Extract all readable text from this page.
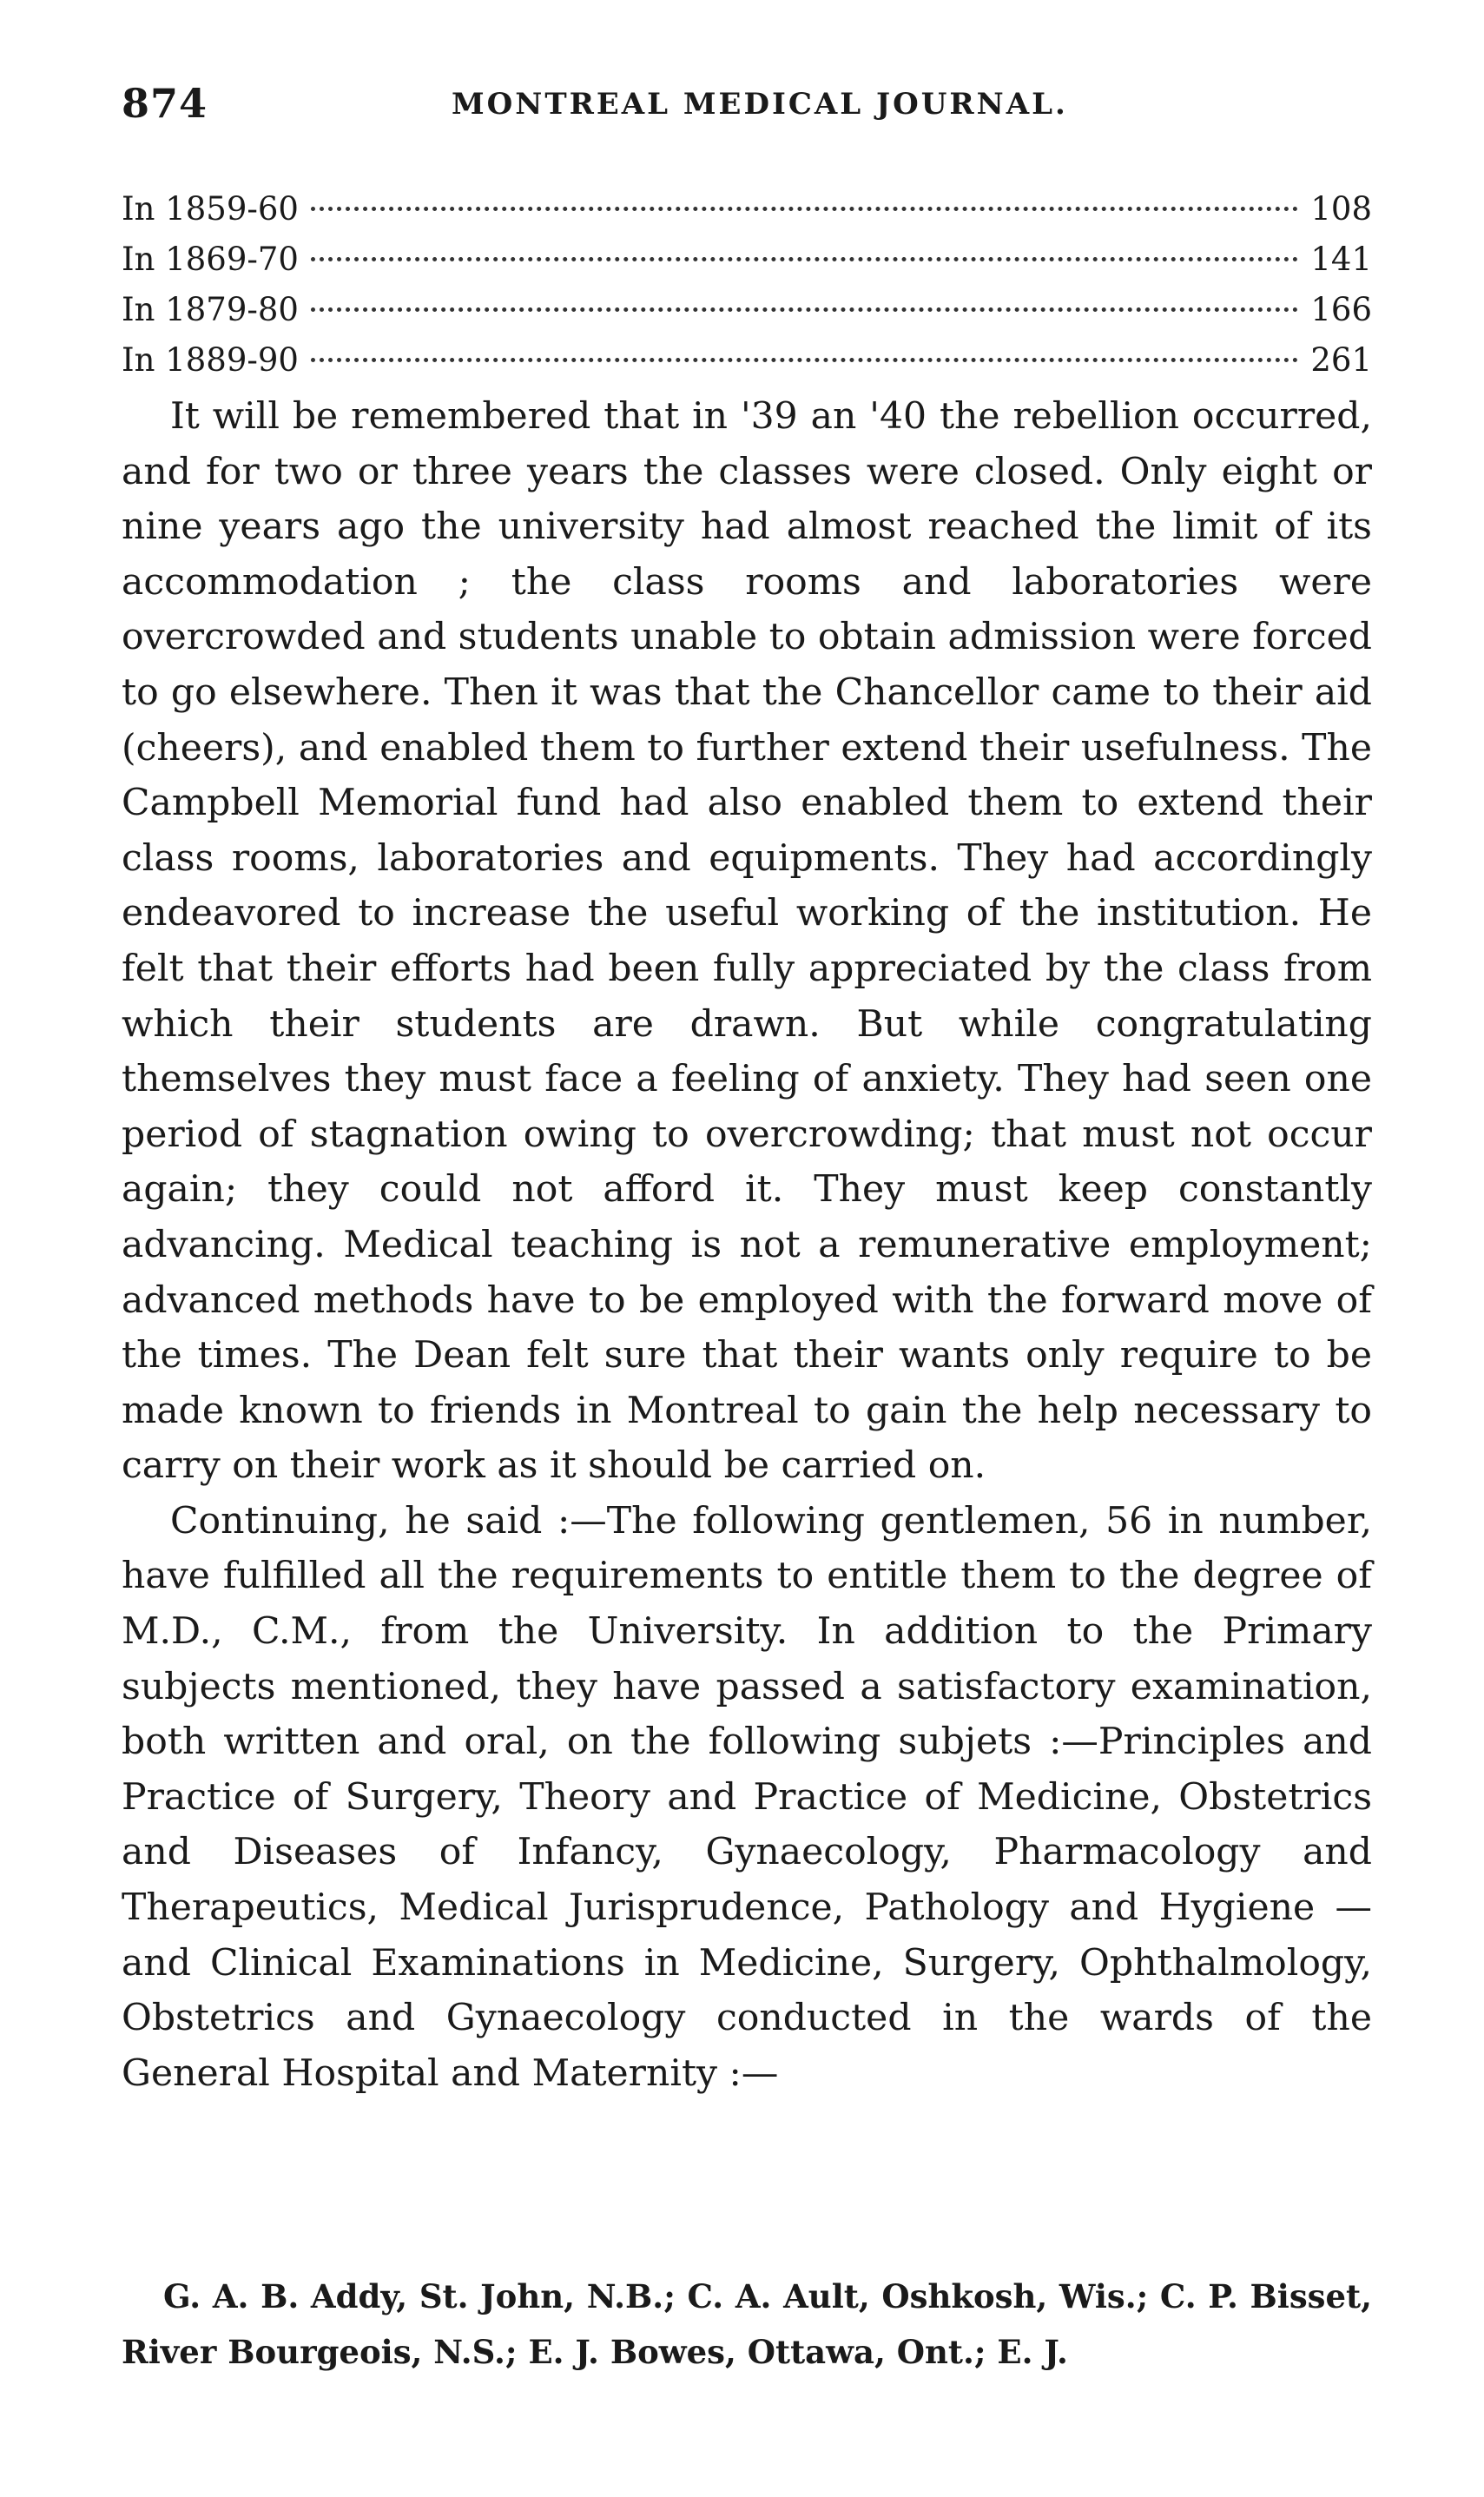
874	MONTREAL MEDICAL JOURNAL.
In 1859-60	108
In 1869-70	141
In 1879-80	166
In 1889-90	261

It will be remembered that in '39 an '40 the rebellion occurred, and for two or three years the classes were closed. Only eight or nine years ago the university had almost reached the limit of its accommodation ; the class rooms and laboratories were overcrowded and students unable to obtain admission were forced to go elsewhere. Then it was that the Chancellor came to their aid (cheers), and enabled them to further extend their usefulness. The Campbell Memorial fund had also enabled them to extend their class rooms, laboratories and equipments. They had accordingly endeavored to increase the useful working of the institution. He felt that their efforts had been fully appreciated by the class from which their students are drawn. But while congratulating themselves they must face a feeling of anxiety. They had seen one period of stagnation owing to overcrowding; that must not occur again; they could not afford it. They must keep constantly advancing. Medical teaching is not a remunerative employment; advanced methods have to be employed with the forward move of the times. The Dean felt sure that their wants only require to be made known to friends in Montreal to gain the help necessary to carry on their work as it should be carried on.

Continuing, he said :—The following gentlemen, 56 in number, have fulfilled all the requirements to entitle them to the degree of M.D., C.M., from the University. In addition to the Primary subjects mentioned, they have passed a satisfactory examination, both written and oral, on the following subjets :—Principles and Practice of Surgery, Theory and Practice of Medicine, Obstetrics and Diseases of Infancy, Gynaecology, Pharmacology and Therapeutics, Medical Jurisprudence, Pathology and Hygiene —and Clinical Examinations in Medicine, Surgery, Ophthalmology, Obstetrics and Gynaecology conducted in the wards of the General Hospital and Maternity :—

G. A. B. Addy, St. John, N.B.; C. A. Ault, Oshkosh, Wis.; C. P. Bisset, River Bourgeois, N.S.; E. J. Bowes, Ottawa, Ont.; E. J.
